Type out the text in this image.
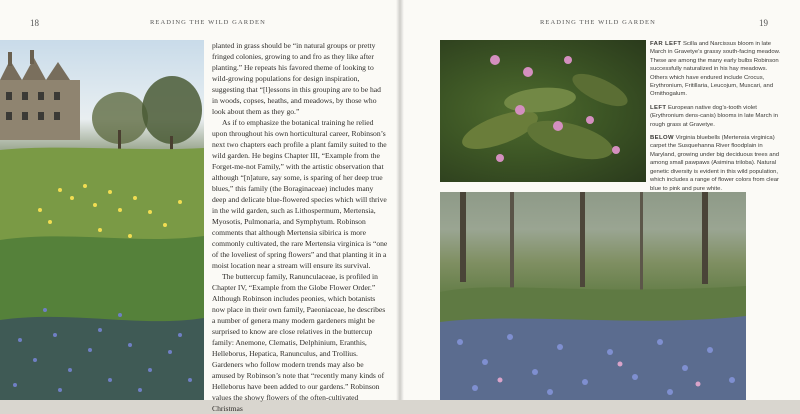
18	READING THE WILD GARDEN

planted in grass should be “in natural groups or pretty fringed colonies, growing to and fro as they like after planting.” He repeats his favored theme of looking to wild-growing populations for design inspiration, suggesting that “[l]essons in this grouping are to be had in woods, copses, heaths, and meadows, by those who look about them as they go.”

As if to emphasize the botanical training he relied upon throughout his own horticultural career, Robinson’s next two chapters each profile a plant family suited to the wild garden. He begins Chapter III, “Example from the Forget-me-not Family,” with the artistic observation that although “[n]ature, say some, is sparing of her deep true blues,” this family (the Boraginaceae) includes many deep and delicate blue-flowered species which will thrive in the wild garden, such as Lithospermum, Mertensia, Myosotis, Pulmonaria, and Symphytum. Robinson comments that although Mertensia sibirica is more commonly cultivated, the rare Mertensia virginica is “one of the loveliest of spring flowers” and that planting it in a moist location near a stream will ensure its survival.

The buttercup family, Ranunculaceae, is profiled in Chapter IV, “Example from the Globe Flower Order.” Although Robinson includes peonies, which botanists now place in their own family, Paeoniaceae, he describes a number of genera many modern gardeners might be surprised to know are close relatives in the buttercup family: Anemone, Clematis, Delphinium, Eranthis, Helleborus, Hepatica, Ranunculus, and Trollius. Gardeners who follow modern trends may also be amused by Robinson’s note that “recently many kinds of Helleborus have been added to our gardens.” Robinson values the showy flowers of the often-cultivated Christmas

READING THE WILD GARDEN	19

FAR LEFT Scilla and Narcissus bloom in late March in Gravetye’s grassy south-facing meadow. These are among the many early bulbs Robinson successfully naturalized in his hay meadows. Others which have endured include Crocus, Erythronium, Fritillaria, Leucojum, Muscari, and Ornithogalum.

LEFT European native dog’s-tooth violet (Erythronium dens-canis) blooms in late March in rough grass at Gravetye.

BELOW Virginia bluebells (Mertensia virginica) carpet the Susquehanna River floodplain in Maryland, growing under big deciduous trees and among small pawpaws (Asimina triloba). Natural genetic diversity is evident in this wild population, which includes a range of flower colors from clear blue to pink and pure white.
